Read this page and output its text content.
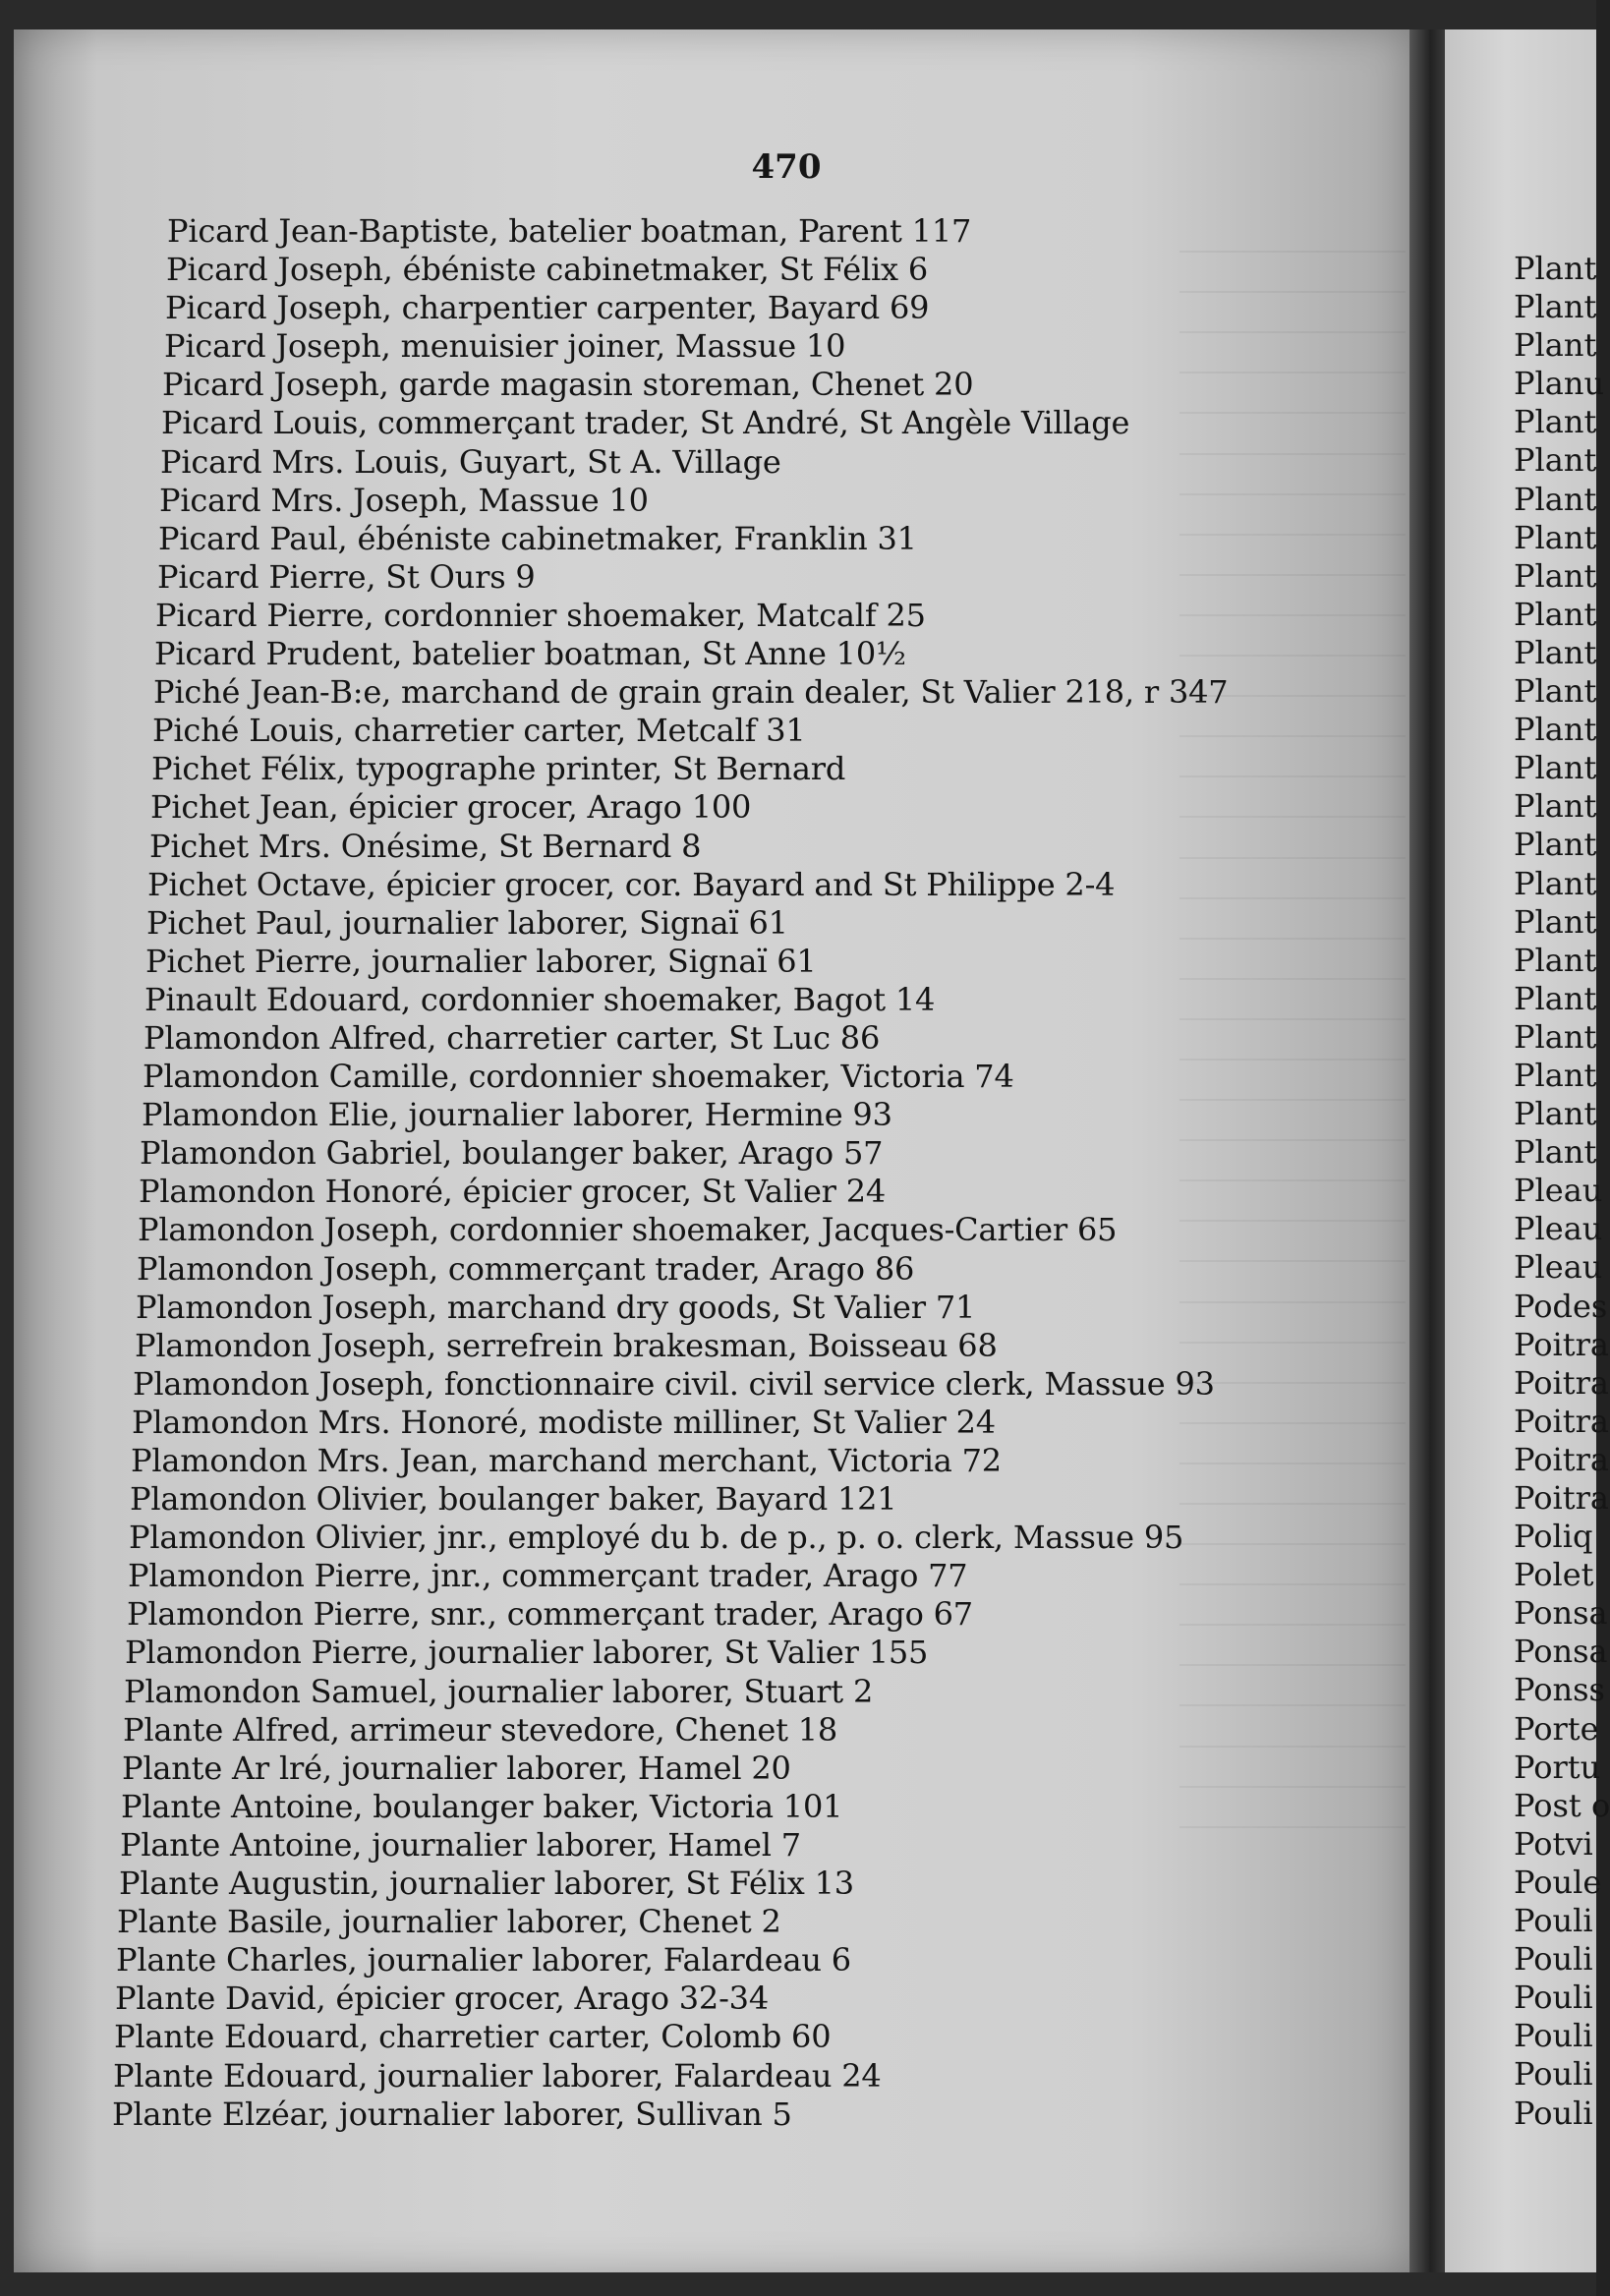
Plant
Plant
Plant
Planu
Plant
Plant
Plant
Plant
Plant
Plant
Plant
Plant
Plant
Plant
Plant
Plant
Plant
Plant
Plant
Plant
Plant
Plant
Plant
Plant
Pleau
Pleau
Pleau
Podes
Poitra
Poitra
Poitra
Poitra
Poitra
Poliq
Polet
Ponsa
Ponsa
Ponss
Porte
Portu
Post o
Potvi
Poule
Pouli
Pouli
Pouli
Pouli
Pouli
Pouli
470
Picard Jean-Baptiste, batelier boatman, Parent 117
Picard Joseph, ébéniste cabinetmaker, St Félix 6
Picard Joseph, charpentier carpenter, Bayard 69
Picard Joseph, menuisier joiner, Massue 10
Picard Joseph, garde magasin storeman, Chenet 20
Picard Louis, commerçant trader, St André, St Angèle Village
Picard Mrs. Louis, Guyart, St A. Village
Picard Mrs. Joseph, Massue 10
Picard Paul, ébéniste cabinetmaker, Franklin 31
Picard Pierre, St Ours 9
Picard Pierre, cordonnier shoemaker, Matcalf 25
Picard Prudent, batelier boatman, St Anne 10½
Piché Jean-B:e, marchand de grain grain dealer, St Valier 218, r 347
Piché Louis, charretier carter, Metcalf 31
Pichet Félix, typographe printer, St Bernard
Pichet Jean, épicier grocer, Arago 100
Pichet Mrs. Onésime, St Bernard 8
Pichet Octave, épicier grocer, cor. Bayard and St Philippe 2-4
Pichet Paul, journalier laborer, Signaï 61
Pichet Pierre, journalier laborer, Signaï 61
Pinault Edouard, cordonnier shoemaker, Bagot 14
Plamondon Alfred, charretier carter, St Luc 86
Plamondon Camille, cordonnier shoemaker, Victoria 74
Plamondon Elie, journalier laborer, Hermine 93
Plamondon Gabriel, boulanger baker, Arago 57
Plamondon Honoré, épicier grocer, St Valier 24
Plamondon Joseph, cordonnier shoemaker, Jacques-Cartier 65
Plamondon Joseph, commerçant trader, Arago 86
Plamondon Joseph, marchand dry goods, St Valier 71
Plamondon Joseph, serrefrein brakesman, Boisseau 68
Plamondon Joseph, fonctionnaire civil. civil service clerk, Massue 93
Plamondon Mrs. Honoré, modiste milliner, St Valier 24
Plamondon Mrs. Jean, marchand merchant, Victoria 72
Plamondon Olivier, boulanger baker, Bayard 121
Plamondon Olivier, jnr., employé du b. de p., p. o. clerk, Massue 95
Plamondon Pierre, jnr., commerçant trader, Arago 77
Plamondon Pierre, snr., commerçant trader, Arago 67
Plamondon Pierre, journalier laborer, St Valier 155
Plamondon Samuel, journalier laborer, Stuart 2
Plante Alfred, arrimeur stevedore, Chenet 18
Plante Ar lré, journalier laborer, Hamel 20
Plante Antoine, boulanger baker, Victoria 101
Plante Antoine, journalier laborer, Hamel 7
Plante Augustin, journalier laborer, St Félix 13
Plante Basile, journalier laborer, Chenet 2
Plante Charles, journalier laborer, Falardeau 6
Plante David, épicier grocer, Arago 32-34
Plante Edouard, charretier carter, Colomb 60
Plante Edouard, journalier laborer, Falardeau 24
Plante Elzéar, journalier laborer, Sullivan 5
